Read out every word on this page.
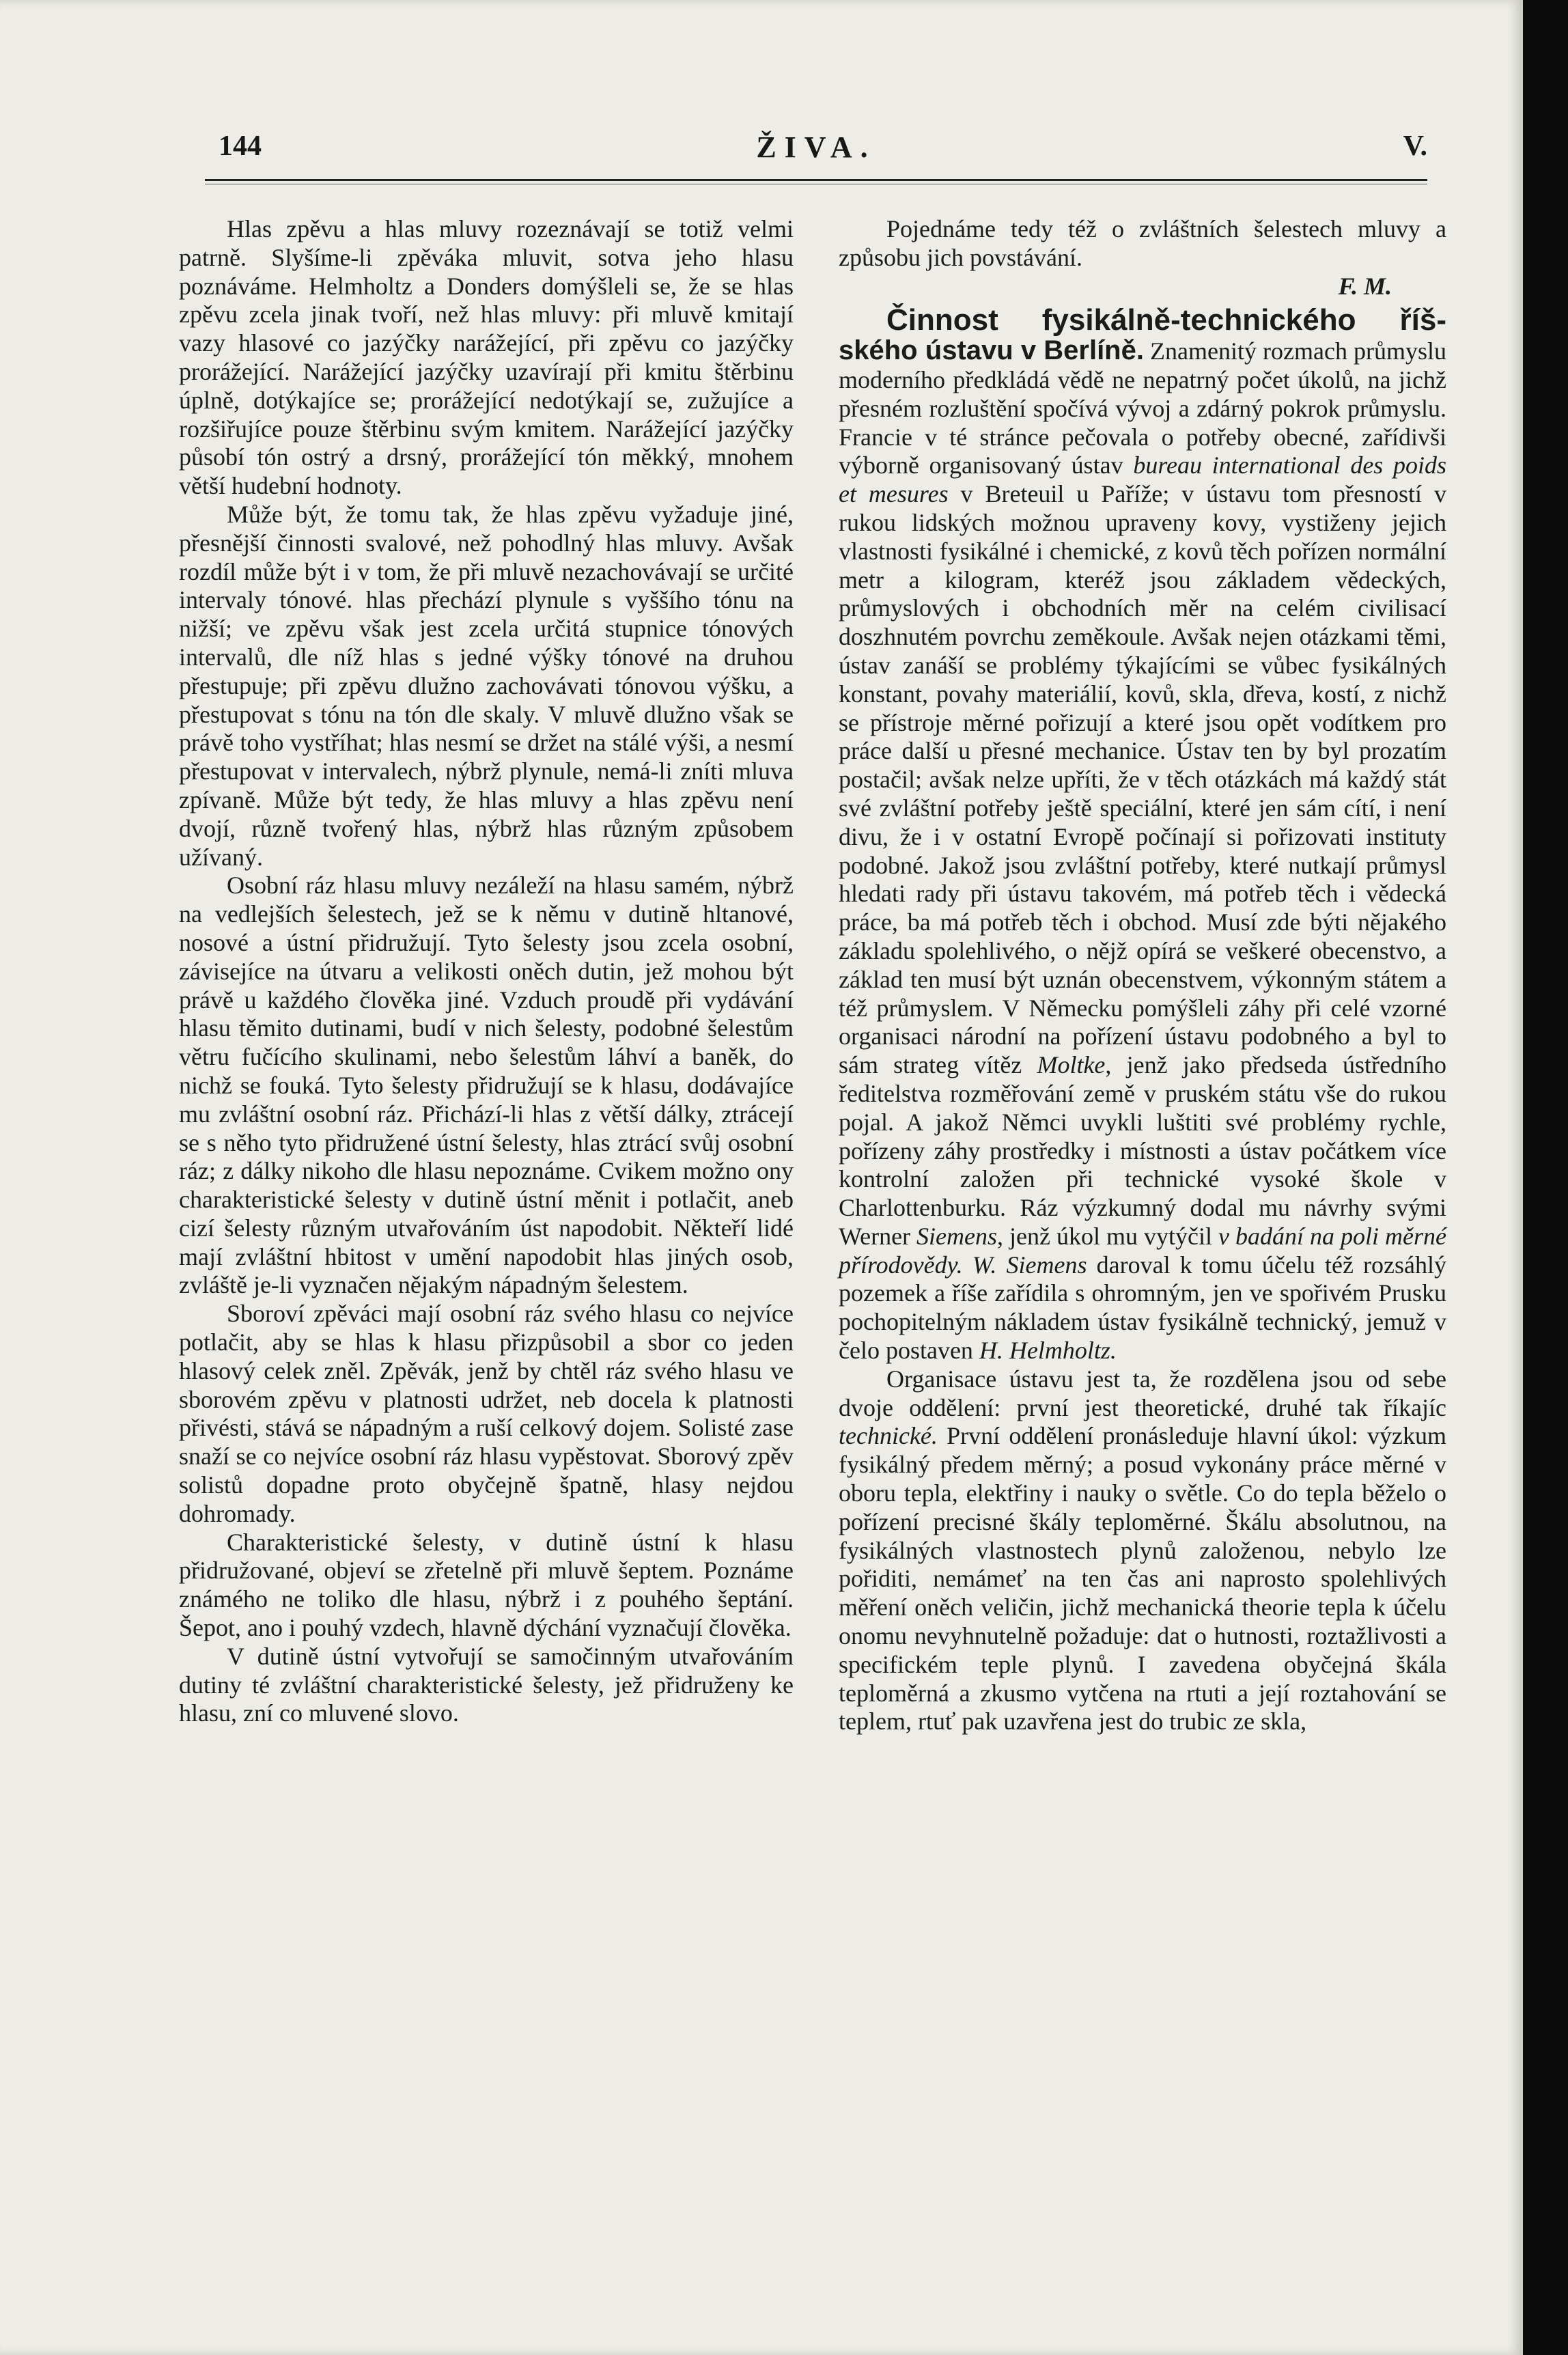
144	ŽIVA.	V.

Hlas zpěvu a hlas mluvy rozeznávají se totiž velmi patrně. Slyšíme-li zpěváka mluvit, sotva jeho hlasu poznáváme. Helmholtz a Donders domýšleli se, že se hlas zpěvu zcela jinak tvoří, než hlas mluvy: při mluvě kmitají vazy hlasové co jazýčky narážející, při zpěvu co jazýčky prorážející. Narážející jazýčky uzavírají při kmitu štěrbinu úplně, dotýkajíce se; prorážející nedotýkají se, zužujíce a rozšiřujíce pouze štěrbinu svým kmitem. Narážející jazýčky působí tón ostrý a drsný, prorážející tón měkký, mnohem větší hudební hodnoty.

Může být, že tomu tak, že hlas zpěvu vyžaduje jiné, přesnější činnosti svalové, než pohodlný hlas mluvy. Avšak rozdíl může být i v tom, že při mluvě nezachovávají se určité intervaly tónové. hlas přechází plynule s vyššího tónu na nižší; ve zpěvu však jest zcela určitá stupnice tónových intervalů, dle níž hlas s jedné výšky tónové na druhou přestupuje; při zpěvu dlužno zachovávati tónovou výšku, a přestupovat s tónu na tón dle skaly. V mluvě dlužno však se právě toho vystříhat; hlas nesmí se držet na stálé výši, a nesmí přestupovat v intervalech, nýbrž plynule, nemá-li zníti mluva zpívaně. Může být tedy, že hlas mluvy a hlas zpěvu není dvojí, různě tvořený hlas, nýbrž hlas různým způsobem užívaný.

Osobní ráz hlasu mluvy nezáleží na hlasu samém, nýbrž na vedlejších šelestech, jež se k němu v dutině hltanové, nosové a ústní přidružují. Tyto šelesty jsou zcela osobní, závisejíce na útvaru a velikosti oněch dutin, jež mohou být právě u každého člověka jiné. Vzduch proudě při vydávání hlasu těmito dutinami, budí v nich šelesty, podobné šelestům větru fučícího skulinami, nebo šelestům láhví a baněk, do nichž se fouká. Tyto šelesty přidružují se k hlasu, dodávajíce mu zvláštní osobní ráz. Přichází-li hlas z větší dálky, ztrácejí se s něho tyto přidružené ústní šelesty, hlas ztrácí svůj osobní ráz; z dálky nikoho dle hlasu nepoznáme. Cvikem možno ony charakteristické šelesty v dutině ústní měnit i potlačit, aneb cizí šelesty různým utvařováním úst napodobit. Někteří lidé mají zvláštní hbitost v umění napodobit hlas jiných osob, zvláště je-li vyznačen nějakým nápadným šelestem.

Sboroví zpěváci mají osobní ráz svého hlasu co nejvíce potlačit, aby se hlas k hlasu přizpůsobil a sbor co jeden hlasový celek zněl. Zpěvák, jenž by chtěl ráz svého hlasu ve sborovém zpěvu v platnosti udržet, neb docela k platnosti přivésti, stává se nápadným a ruší celkový dojem. Solisté zase snaží se co nejvíce osobní ráz hlasu vypěstovat. Sborový zpěv solistů dopadne proto obyčejně špatně, hlasy nejdou dohromady.

Charakteristické šelesty, v dutině ústní k hlasu přidružované, objeví se zřetelně při mluvě šeptem. Poznáme známého ne toliko dle hlasu, nýbrž i z pouhého šeptání. Šepot, ano i pouhý vzdech, hlavně dýchání vyznačují člověka.

V dutině ústní vytvořují se samočinným utvařováním dutiny té zvláštní charakteristické šelesty, jež přidruženy ke hlasu, zní co mluvené slovo.

Pojednáme tedy též o zvláštních šelestech mluvy a způsobu jich povstávání.

F. M.

Činnost fysikálně-technického říš- ského ústavu v Berlíně. Znamenitý rozmach průmyslu moderního předkládá vědě ne nepatrný počet úkolů, na jichž přesném rozluštění spočívá vývoj a zdárný pokrok průmyslu. Francie v té stránce pečovala o potřeby obecné, zařídivši výborně organisovaný ústav bureau international des poids et mesures v Breteuil u Paříže; v ústavu tom přesností v rukou lidských možnou upraveny kovy, vystiženy jejich vlastnosti fysikálné i chemické, z kovů těch pořízen normální metr a kilogram, kteréž jsou základem vědeckých, průmyslových i obchodních měr na celém civilisací doszhnutém povrchu zeměkoule. Avšak nejen otázkami těmi, ústav zanáší se problémy týkajícími se vůbec fysikálných konstant, povahy materiálií, kovů, skla, dřeva, kostí, z nichž se přístroje měrné pořizují a které jsou opět vodítkem pro práce další u přesné mechanice. Ústav ten by byl prozatím postačil; avšak nelze upříti, že v těch otázkách má každý stát své zvláštní potřeby ještě speciální, které jen sám cítí, i není divu, že i v ostatní Evropě počínají si pořizovati instituty podobné. Jakož jsou zvláštní potřeby, které nutkají průmysl hledati rady při ústavu takovém, má potřeb těch i vědecká práce, ba má potřeb těch i obchod. Musí zde býti nějakého základu spolehlivého, o nějž opírá se veškeré obecenstvo, a základ ten musí být uznán obecenstvem, výkonným státem a též průmyslem. V Německu pomýšleli záhy při celé vzorné organisaci národní na pořízení ústavu podobného a byl to sám strateg vítěz Moltke, jenž jako předseda ústředního ředitelstva rozměřování země v pruském státu vše do rukou pojal. A jakož Němci uvykli luštiti své problémy rychle, pořízeny záhy prostředky i místnosti a ústav počátkem více kontrolní založen při technické vysoké škole v Charlottenburku. Ráz výzkumný dodal mu návrhy svými Werner Siemens, jenž úkol mu vytýčil v badání na poli měrné přírodovědy. W. Siemens daroval k tomu účelu též rozsáhlý pozemek a říše zařídila s ohromným, jen ve spořivém Prusku pochopitelným nákladem ústav fysikálně technický, jemuž v čelo postaven H. Helmholtz.

Organisace ústavu jest ta, že rozdělena jsou od sebe dvoje oddělení: první jest theoretické, druhé tak říkajíc technické. První oddělení pronásleduje hlavní úkol: výzkum fysikálný předem měrný; a posud vykonány práce měrné v oboru tepla, elektřiny i nauky o světle. Co do tepla běželo o pořízení precisné škály teploměrné. Škálu absolutnou, na fysikálných vlastnostech plynů založenou, nebylo lze pořiditi, nemámeť na ten čas ani naprosto spolehlivých měření oněch veličin, jichž mechanická theorie tepla k účelu onomu nevyhnutelně požaduje: dat o hutnosti, roztažlivosti a specifickém teple plynů. I zavedena obyčejná škála teploměrná a zkusmo vytčena na rtuti a její roztahování se teplem, rtuť pak uzavřena jest do trubic ze skla,
